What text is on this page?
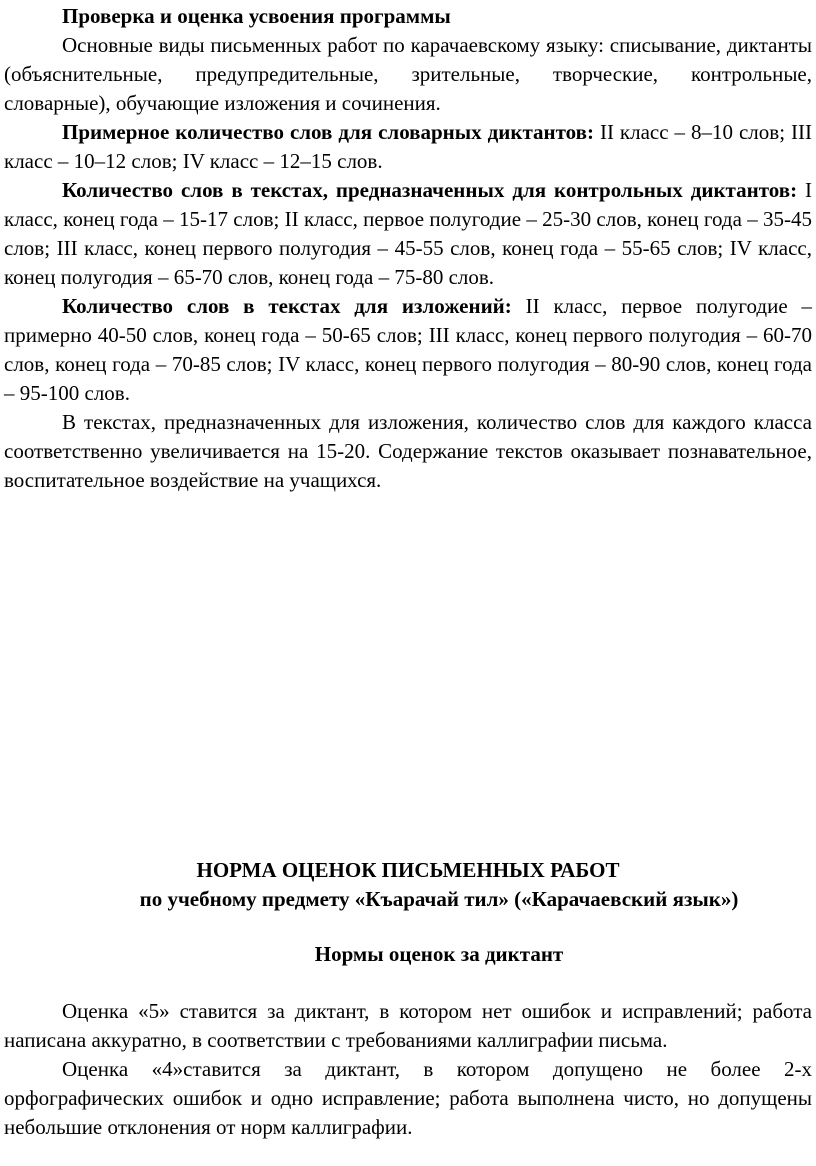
Проверка и оценка усвоения программы

Основные виды письменных работ по карачаевскому языку: списывание, диктанты (объяснительные, предупредительные, зрительные, творческие, контрольные, словарные), обучающие изложения и сочинения.

Примерное количество слов для словарных диктантов: II класс – 8–10 слов; III класс – 10–12 слов; IV класс – 12–15 слов.

Количество слов в текстах, предназначенных для контрольных диктантов: I класс, конец года – 15-17 слов; II класс, первое полугодие – 25-30 слов, конец года – 35-45 слов; III класс, конец первого полугодия – 45-55 слов, конец года – 55-65 слов; IV класс, конец полугодия – 65-70 слов, конец года – 75-80 слов.

Количество слов в текстах для изложений: II класс, первое полугодие – примерно 40-50 слов, конец года – 50-65 слов; III класс, конец первого полугодия – 60-70 слов, конец года – 70-85 слов; IV класс, конец первого полугодия – 80-90 слов, конец года – 95-100 слов.

В текстах, предназначенных для изложения, количество слов для каждого класса соответственно увеличивается на 15-20. Содержание текстов оказывает познавательное, воспитательное воздействие на учащихся.

НОРМА ОЦЕНОК ПИСЬМЕННЫХ РАБОТ

по учебному предмету «Къарачай тил» («Карачаевский язык»)

Нормы оценок за диктант

Оценка «5» ставится за диктант, в котором нет ошибок и исправлений; работа написана аккуратно, в соответствии с требованиями каллиграфии письма.

Оценка «4»ставится за диктант, в котором допущено не более 2-х орфографических ошибок и одно исправление; работа выполнена чисто, но допущены небольшие отклонения от норм каллиграфии.
